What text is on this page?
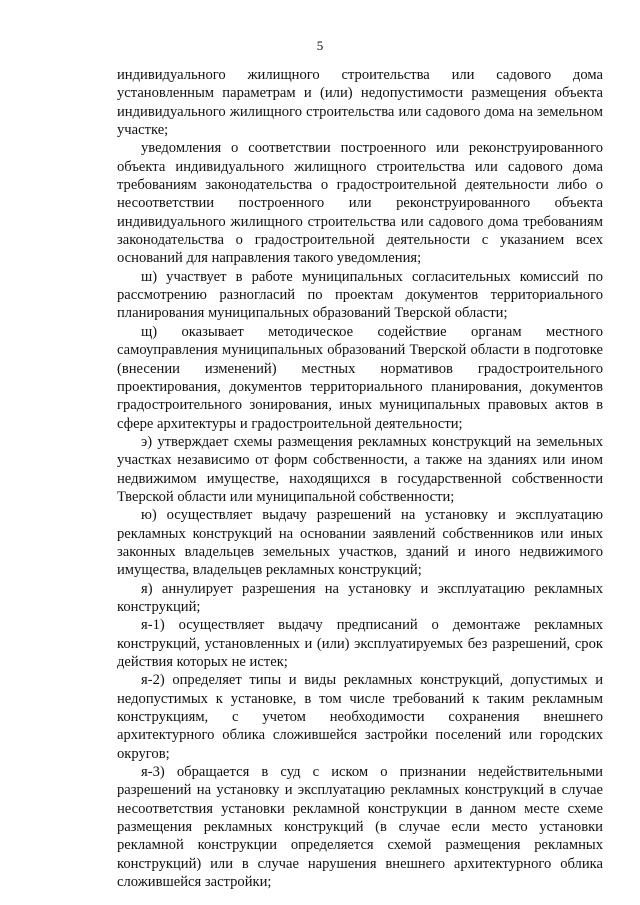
5

индивидуального жилищного строительства или садового дома установленным параметрам и (или) недопустимости размещения объекта индивидуального жилищного строительства или садового дома на земельном участке;

уведомления о соответствии построенного или реконструированного объекта индивидуального жилищного строительства или садового дома требованиям законодательства о градостроительной деятельности либо о несоответствии построенного или реконструированного объекта индивидуального жилищного строительства или садового дома требованиям законодательства о градостроительной деятельности с указанием всех оснований для направления такого уведомления;

ш) участвует в работе муниципальных согласительных комиссий по рассмотрению разногласий по проектам документов территориального планирования муниципальных образований Тверской области;

щ) оказывает методическое содействие органам местного самоуправления муниципальных образований Тверской области в подготовке (внесении изменений) местных нормативов градостроительного проектирования, документов территориального планирования, документов градостроительного зонирования, иных муниципальных правовых актов в сфере архитектуры и градостроительной деятельности;

э) утверждает схемы размещения рекламных конструкций на земельных участках независимо от форм собственности, а также на зданиях или ином недвижимом имуществе, находящихся в государственной собственности Тверской области или муниципальной собственности;

ю) осуществляет выдачу разрешений на установку и эксплуатацию рекламных конструкций на основании заявлений собственников или иных законных владельцев земельных участков, зданий и иного недвижимого имущества, владельцев рекламных конструкций;

я) аннулирует разрешения на установку и эксплуатацию рекламных конструкций;

я-1) осуществляет выдачу предписаний о демонтаже рекламных конструкций, установленных и (или) эксплуатируемых без разрешений, срок действия которых не истек;

я-2) определяет типы и виды рекламных конструкций, допустимых и недопустимых к установке, в том числе требований к таким рекламным конструкциям, с учетом необходимости сохранения внешнего архитектурного облика сложившейся застройки поселений или городских округов;

я-3) обращается в суд с иском о признании недействительными разрешений на установку и эксплуатацию рекламных конструкций в случае несоответствия установки рекламной конструкции в данном месте схеме размещения рекламных конструкций (в случае если место установки рекламной конструкции определяется схемой размещения рекламных конструкций) или в случае нарушения внешнего архитектурного облика сложившейся застройки;
